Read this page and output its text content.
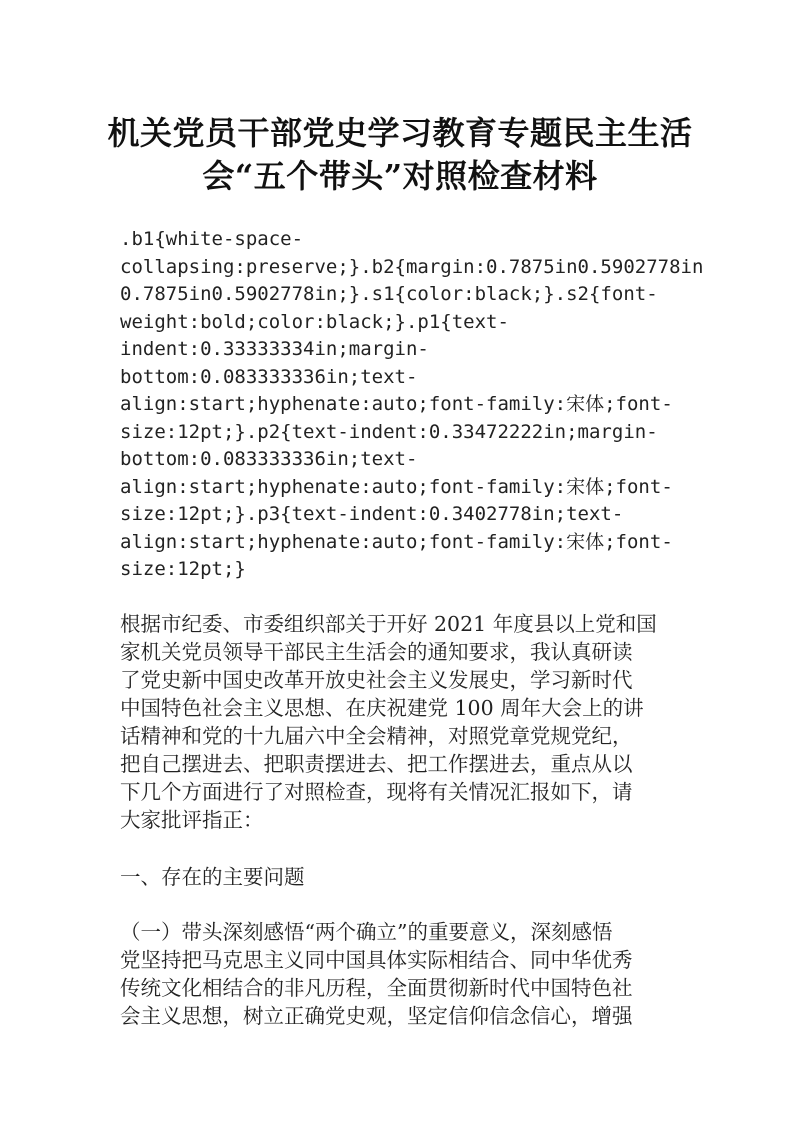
机关党员干部党史学习教育专题民主生活
会“五个带头”对照检查材料
.b1{white-space-
collapsing:preserve;}.b2{margin:0.7875in0.5902778in
0.7875in0.5902778in;}.s1{color:black;}.s2{font-
weight:bold;color:black;}.p1{text-
indent:0.33333334in;margin-
bottom:0.083333336in;text-
align:start;hyphenate:auto;font-family:宋体;font-
size:12pt;}.p2{text-indent:0.33472222in;margin-
bottom:0.083333336in;text-
align:start;hyphenate:auto;font-family:宋体;font-
size:12pt;}.p3{text-indent:0.3402778in;text-
align:start;hyphenate:auto;font-family:宋体;font-
size:12pt;}
根据市纪委、市委组织部关于开好 2021 年度县以上党和国
家机关党员领导干部民主生活会的通知要求，我认真研读
了党史新中国史改革开放史社会主义发展史，学习新时代
中国特色社会主义思想、在庆祝建党 100 周年大会上的讲
话精神和党的十九届六中全会精神，对照党章党规党纪，
把自己摆进去、把职责摆进去、把工作摆进去，重点从以
下几个方面进行了对照检查，现将有关情况汇报如下，请
大家批评指正：
一、存在的主要问题
（一）带头深刻感悟“两个确立”的重要意义，深刻感悟
党坚持把马克思主义同中国具体实际相结合、同中华优秀
传统文化相结合的非凡历程，全面贯彻新时代中国特色社
会主义思想，树立正确党史观，坚定信仰信念信心，增强
